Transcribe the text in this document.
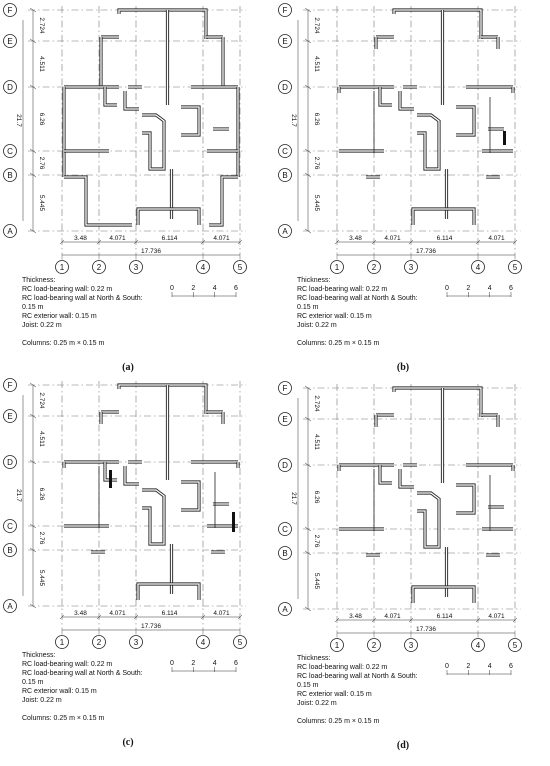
F
E
D
C
B
A
2.724
4.511
6.26
2.76
5.445
21.7
3.48	4.071	6.114	4.071
17.736
1	2	3	4	5
Thickness:
RC load-bearing wall: 0.22 m
RC load-bearing wall at North & South:
0.15 m
RC exterior wall: 0.15 m
Joist: 0.22 m
Columns: 0.25 m × 0.15 m
0 2 4 6
(a)
F
E
D
C
B
A
2.724
4.511
6.26
2.76
5.445
21.7
3.48	4.071	6.114	4.071
17.736
1	2	3	4	5
Thickness:
RC load-bearing wall: 0.22 m
RC load-bearing wall at North & South:
0.15 m
RC exterior wall: 0.15 m
Joist: 0.22 m
Columns: 0.25 m × 0.15 m
0 2 4 6
(b)
F
E
D
C
B
A
2.724
4.511
6.26
2.76
5.445
21.7
3.48	4.071	6.114	4.071
17.736
1	2	3	4	5
Thickness:
RC load-bearing wall: 0.22 m
RC load-bearing wall at North & South:
0.15 m
RC exterior wall: 0.15 m
Joist: 0.22 m
Columns: 0.25 m × 0.15 m
0 2 4 6
(c)
F
E
D
C
B
A
2.724
4.511
6.26
2.76
5.445
21.7
3.48	4.071	6.114	4.071
17.736
1	2	3	4	5
Thickness:
RC load-bearing wall: 0.22 m
RC load-bearing wall at North & South:
0.15 m
RC exterior wall: 0.15 m
Joist: 0.22 m
Columns: 0.25 m × 0.15 m
0 2 4 6
(d)
